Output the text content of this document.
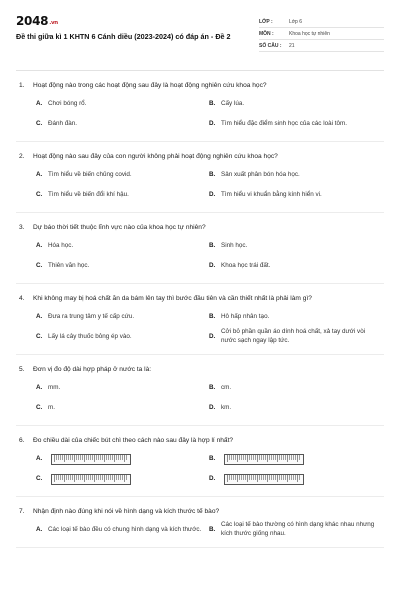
2048.vn
Đề thi giữa kì 1 KHTN 6 Cánh diều (2023-2024) có đáp án - Đề 2
LỚP :	Lớp 6
MÔN :	Khoa học tự nhiên
SỐ CÂU :	21
1.	Hoạt động nào trong các hoạt động sau đây là hoạt động nghiên cứu khoa học?
A. Chơi bóng rổ.	B. Cấy lúa.
C. Đánh đàn.	D. Tìm hiểu đặc điểm sinh học của các loài tôm.
2.	Hoạt động nào sau đây của con người không phải hoạt động nghiên cứu khoa học?
A. Tìm hiểu về biến chủng covid.	B. Sản xuất phân bón hóa học.
C. Tìm hiểu về biến đổi khí hậu.	D. Tìm hiểu vi khuẩn bằng kính hiển vi.
3.	Dự báo thời tiết thuộc lĩnh vực nào của khoa học tự nhiên?
A. Hóa học.	B. Sinh học.
C. Thiên văn học.	D. Khoa học trái đất.
4.	Khi không may bị hoá chất ăn da bám lên tay thì bước đầu tiên và cần thiết nhất là phải làm gì?
A. Đưa ra trung tâm y tế cấp cứu.	B. Hô hấp nhân tạo.
C. Lấy lá cây thuốc bỏng ép vào.	D.
Cởi bỏ phần quần áo dính hoá chất, xả tay dưới vòi nước sạch ngay lập tức.
5.	Đơn vị đo độ dài hợp pháp ở nước ta là:
A. mm.	B. cm.
C. m.	D. km.
6.	Đo chiều dài của chiếc bút chì theo cách nào sau đây là hợp lí nhất?
A.	B.
C.	D.
7.	Nhận định nào đúng khi nói về hình dạng và kích thước tế bào?
A. Các loại tế bào đều có chung hình dạng và kích thước.	B.
Các loại tế bào thường có hình dạng khác nhau nhưng kích thước giống nhau.
